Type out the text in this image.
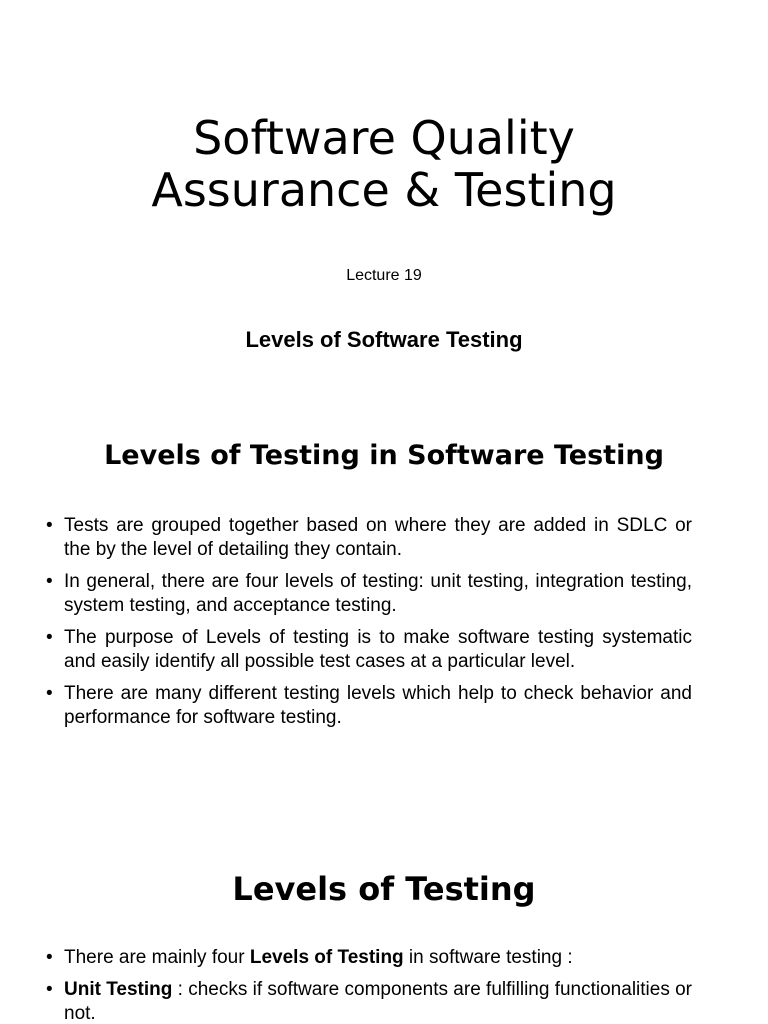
Software Quality
Assurance & Testing
Lecture 19
Levels of Software Testing
Levels of Testing in Software Testing
•
Tests are grouped together based on where they are added in SDLC or the by the level of detailing they contain.
•
In general, there are four levels of testing: unit testing, integration testing, system testing, and acceptance testing.
•
The purpose of Levels of testing is to make software testing systematic and easily identify all possible test cases at a particular level.
•
There are many different testing levels which help to check behavior and performance for software testing.
Levels of Testing
•
There are mainly four Levels of Testing in software testing :
•
Unit Testing : checks if software components are fulfilling functionalities or not.
